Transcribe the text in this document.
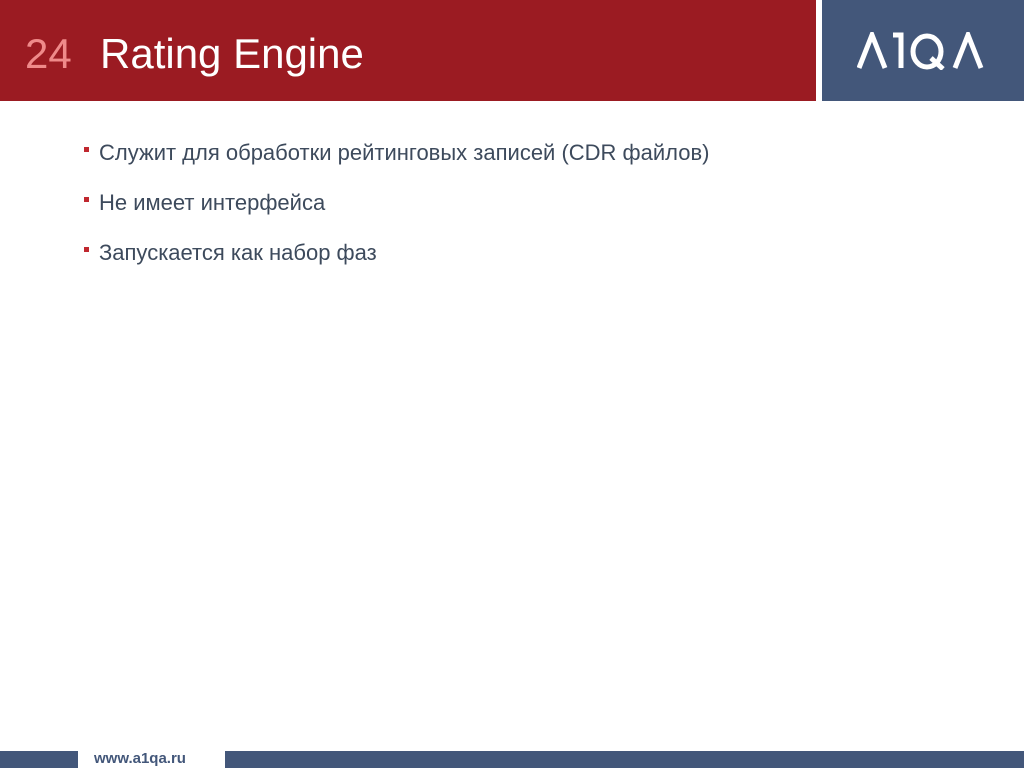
24 Rating Engine
Служит для обработки рейтинговых записей (CDR файлов)
Не имеет интерфейса
Запускается как набор фаз
www.a1qa.ru
